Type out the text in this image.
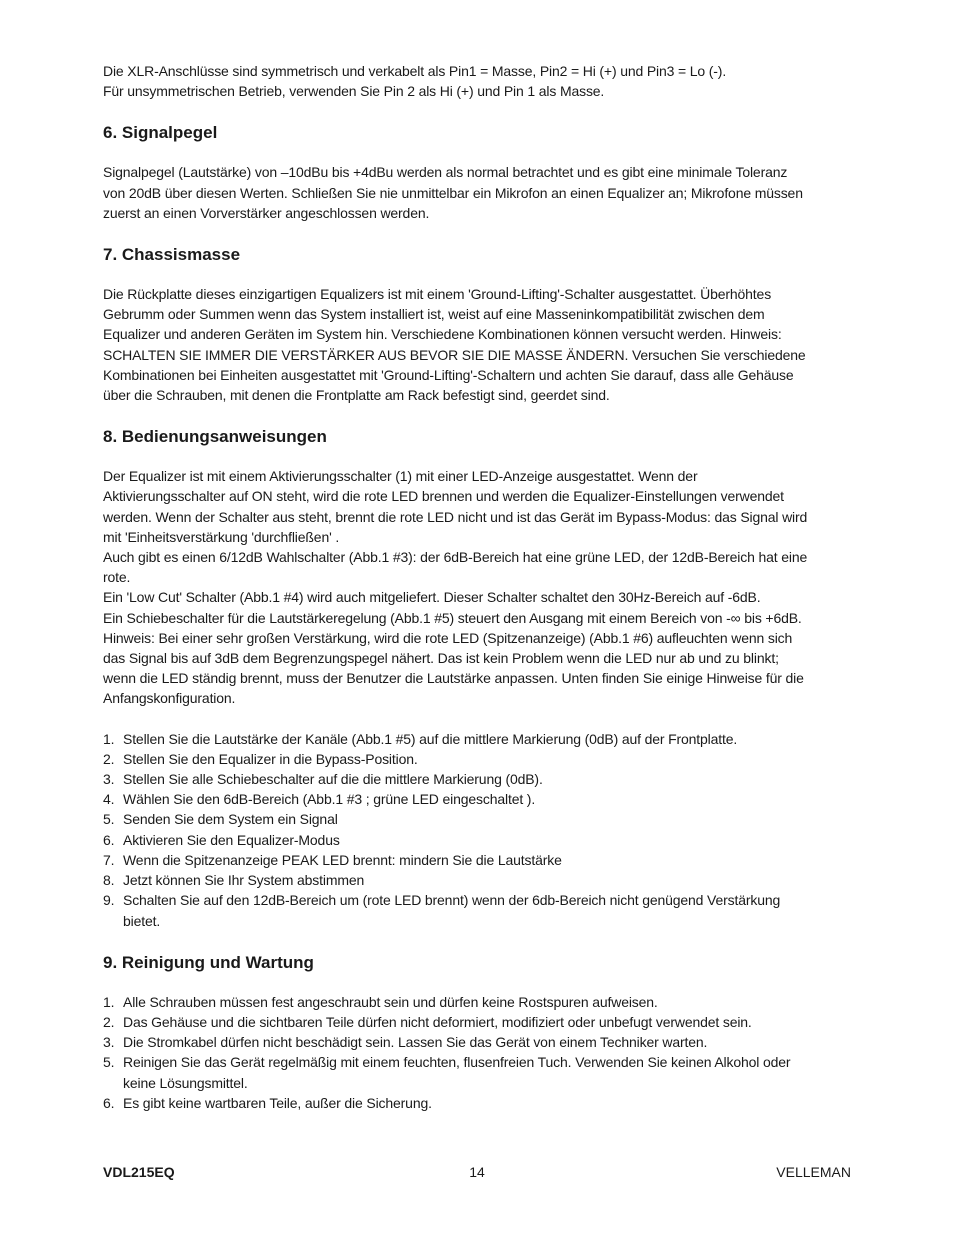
Die XLR-Anschlüsse sind symmetrisch und verkabelt als Pin1 = Masse, Pin2 = Hi (+) und Pin3 = Lo (-).
Für unsymmetrischen Betrieb, verwenden Sie Pin 2 als Hi (+) und Pin 1 als Masse.

6. Signalpegel

Signalpegel (Lautstärke) von –10dBu bis +4dBu werden als normal betrachtet und es gibt eine minimale Toleranz
von 20dB über diesen Werten. Schließen Sie nie unmittelbar ein Mikrofon an einen Equalizer an; Mikrofone müssen
zuerst an einen Vorverstärker angeschlossen werden.

7. Chassismasse

Die Rückplatte dieses einzigartigen Equalizers ist mit einem 'Ground-Lifting'-Schalter ausgestattet. Überhöhtes
Gebrumm oder Summen wenn das System installiert ist, weist auf eine Masseninkompatibilität zwischen dem
Equalizer und anderen Geräten im System hin. Verschiedene Kombinationen können versucht werden. Hinweis:
SCHALTEN SIE IMMER DIE VERSTÄRKER AUS BEVOR SIE DIE MASSE ÄNDERN. Versuchen Sie verschiedene
Kombinationen bei Einheiten ausgestattet mit 'Ground-Lifting'-Schaltern und achten Sie darauf, dass alle Gehäuse
über die Schrauben, mit denen die Frontplatte am Rack befestigt sind, geerdet sind.

8. Bedienungsanweisungen

Der Equalizer ist mit einem Aktivierungsschalter (1) mit einer LED-Anzeige ausgestattet. Wenn der
Aktivierungsschalter auf ON steht, wird die rote LED brennen und werden die Equalizer-Einstellungen verwendet
werden. Wenn der Schalter aus steht, brennt die rote LED nicht und ist das Gerät im Bypass-Modus: das Signal wird
mit 'Einheitsverstärkung 'durchfließen' .
Auch gibt es einen 6/12dB Wahlschalter (Abb.1 #3): der 6dB-Bereich hat eine grüne LED, der 12dB-Bereich hat eine
rote.
Ein 'Low Cut' Schalter (Abb.1 #4) wird auch mitgeliefert. Dieser Schalter schaltet den 30Hz-Bereich auf -6dB.
Ein Schiebeschalter für die Lautstärkeregelung (Abb.1 #5) steuert den Ausgang mit einem Bereich von -∞ bis +6dB.
Hinweis: Bei einer sehr großen Verstärkung, wird die rote LED (Spitzenanzeige) (Abb.1 #6) aufleuchten wenn sich
das Signal bis auf 3dB dem Begrenzungspegel nähert. Das ist kein Problem wenn die LED nur ab und zu blinkt;
wenn die LED ständig brennt, muss der Benutzer die Lautstärke anpassen. Unten finden Sie einige Hinweise für die
Anfangskonfiguration.

1. Stellen Sie die Lautstärke der Kanäle (Abb.1 #5) auf die mittlere Markierung (0dB) auf der Frontplatte.
2. Stellen Sie den Equalizer in die Bypass-Position.
3. Stellen Sie alle Schiebeschalter auf die die mittlere Markierung (0dB).
4. Wählen Sie den 6dB-Bereich (Abb.1 #3 ; grüne LED eingeschaltet ).
5. Senden Sie dem System ein Signal
6. Aktivieren Sie den Equalizer-Modus
7. Wenn die Spitzenanzeige PEAK LED brennt: mindern Sie die Lautstärke
8. Jetzt können Sie Ihr System abstimmen
9. Schalten Sie auf den 12dB-Bereich um (rote LED brennt) wenn der 6db-Bereich nicht genügend Verstärkung
bietet.
9. Reinigung und Wartung
1. Alle Schrauben müssen fest angeschraubt sein und dürfen keine Rostspuren aufweisen.
2. Das Gehäuse und die sichtbaren Teile dürfen nicht deformiert, modifiziert oder unbefugt verwendet sein.
3. Die Stromkabel dürfen nicht beschädigt sein. Lassen Sie das Gerät von einem Techniker warten.
5. Reinigen Sie das Gerät regelmäßig mit einem feuchten, flusenfreien Tuch. Verwenden Sie keinen Alkohol oder
keine Lösungsmittel.
6. Es gibt keine wartbaren Teile, außer die Sicherung.
VDL215EQ	14	VELLEMAN
